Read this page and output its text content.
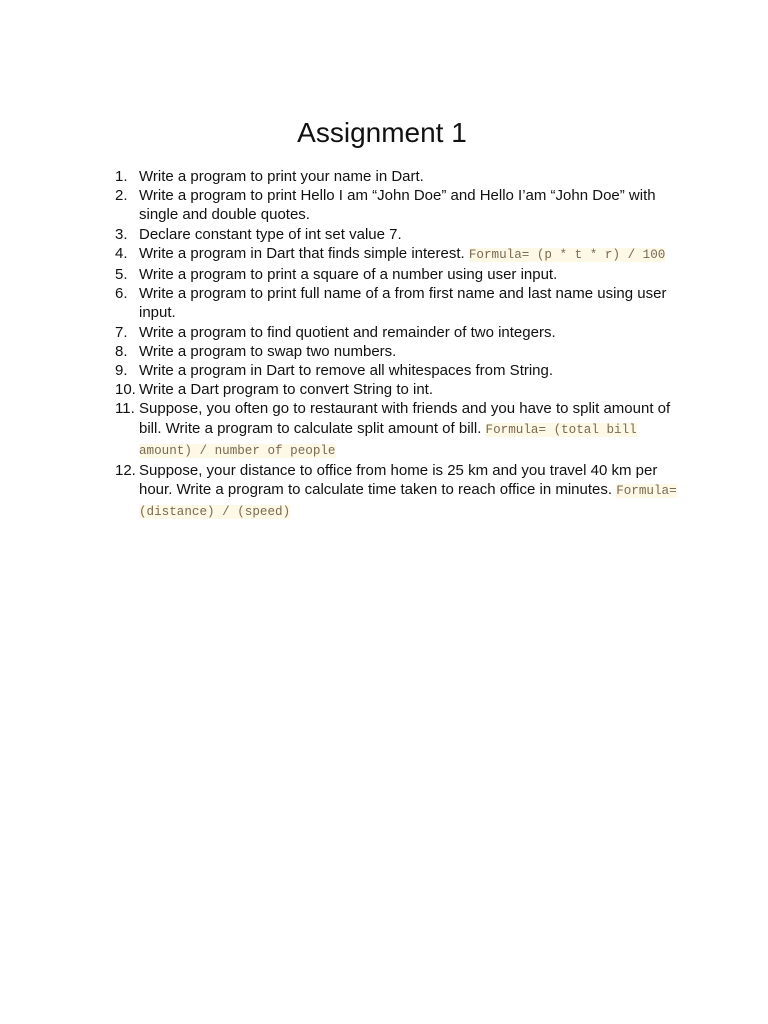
Assignment 1
1. Write a program to print your name in Dart.
2. Write a program to print Hello I am “John Doe” and Hello I’am “John Doe” with single and double quotes.
3. Declare constant type of int set value 7.
4. Write a program in Dart that finds simple interest. Formula= (p * t * r) / 100
5. Write a program to print a square of a number using user input.
6. Write a program to print full name of a from first name and last name using user input.
7. Write a program to find quotient and remainder of two integers.
8. Write a program to swap two numbers.
9. Write a program in Dart to remove all whitespaces from String.
10. Write a Dart program to convert String to int.
11. Suppose, you often go to restaurant with friends and you have to split amount of bill. Write a program to calculate split amount of bill. Formula= (total bill amount) / number of people
12. Suppose, your distance to office from home is 25 km and you travel 40 km per hour. Write a program to calculate time taken to reach office in minutes. Formula= (distance) / (speed)
